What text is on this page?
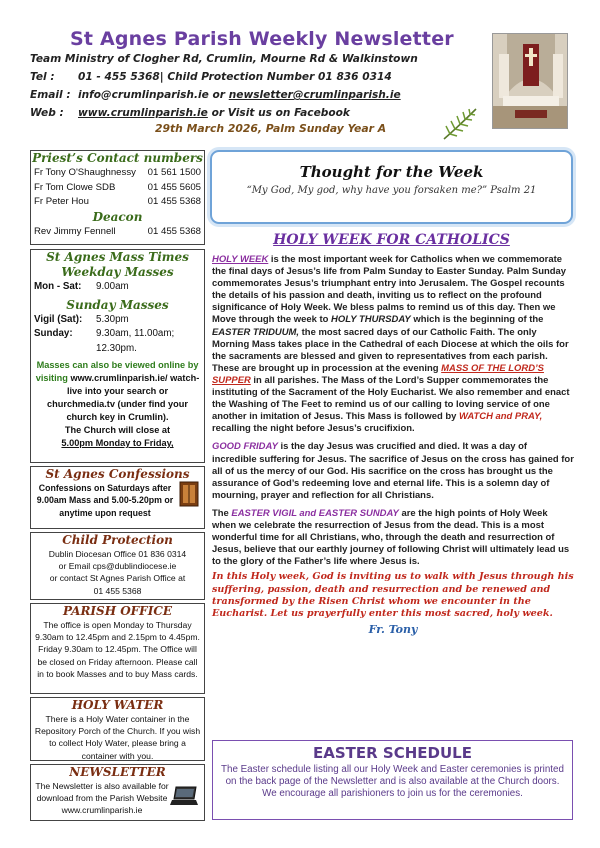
St Agnes Parish Weekly Newsletter
Team Ministry of Clogher Rd, Crumlin, Mourne Rd & Walkinstown
Tel : 01 - 455 5368| Child Protection Number 01 836 0314
Email : info@crumlinparish.ie or newsletter@crumlinparish.ie
Web : www.crumlinparish.ie or Visit us on Facebook
29th March 2026, Palm Sunday Year A
Priest’s Contact numbers
Fr Tony O'Shaughnessy 01 561 1500
Fr Tom Clowe SDB	01 455 5605
Fr Peter Hou	01 455 5368
Deacon
Rev Jimmy Fennell	01 455 5368
St Agnes Mass Times
Weekday Masses
Mon - Sat:	9.00am
Sunday Masses
Vigil (Sat):	5.30pm
Sunday:	9.30am, 11.00am; 12.30pm.
Masses can also be viewed online by visiting www.crumlinparish.ie/ watch-live into your search or churchmedia.tv (under find your church key in Crumlin).
The Church will close at
5.00pm Monday to Friday,
St Agnes Confessions
Confessions on Saturdays after 9.00am Mass and 5.00-5.20pm or anytime upon request
Child Protection
Dublin Diocesan Office 01 836 0314
or Email cps@dublindiocese.ie
or contact St Agnes Parish Office at
01 455 5368
PARISH OFFICE
The office is open Monday to Thursday 9.30am to 12.45pm and 2.15pm to 4.45pm. Friday 9.30am to 12.45pm. The Office will be closed on Friday afternoon. Please call in to book Masses and to buy Mass cards.
HOLY WATER
There is a Holy Water container in the Repository Porch of the Church. If you wish to collect Holy Water, please bring a container with you.
NEWSLETTER
The Newsletter is also available for download from the Parish Website www.crumlinparish.ie
Thought for the Week

“My God, My god, why have you forsaken me?” Psalm 21

HOLY WEEK FOR CATHOLICS

HOLY WEEK is the most important week for Catholics when we commemorate the final days of Jesus’s life from Palm Sunday to Easter Sunday. Palm Sunday commemorates Jesus’s triumphant entry into Jerusalem. The Gospel recounts the details of his passion and death, inviting us to reflect on the profound significance of Holy Week. We bless palms to remind us of this day. Then we Move through the week to HOLY THURSDAY which is the beginning of the EASTER TRIDUUM, the most sacred days of our Catholic Faith. The only Morning Mass takes place in the Cathedral of each Diocese at which the oils for the sacraments are blessed and given to representatives from each parish. These are brought up in procession at the evening MASS OF THE LORD’S SUPPER in all parishes. The Mass of the Lord’s Supper commemorates the instituting of the Sacrament of the Holy Eucharist. We also remember and enact the Washing of The Feet to remind us of our calling to loving service of one another in imitation of Jesus. This Mass is followed by WATCH and PRAY, recalling the night before Jesus’s crucifixion.

GOOD FRIDAY is the day Jesus was crucified and died. It was a day of incredible suffering for Jesus. The sacrifice of Jesus on the cross has gained for all of us the mercy of our God. His sacrifice on the cross has brought us the assurance of God’s redeeming love and eternal life. This is a solemn day of mourning, prayer and reflection for all Christians.

The EASTER VIGIL and EASTER SUNDAY are the high points of Holy Week when we celebrate the resurrection of Jesus from the dead. This is a most wonderful time for all Christians, who, through the death and resurrection of Jesus, believe that our earthly journey of following Christ will ultimately lead us to the glory of the Father’s life where Jesus is.

In this Holy week, God is inviting us to walk with Jesus through his suffering, passion, death and resurrection and be renewed and transformed by the Risen Christ whom we encounter in the Eucharist. Let us prayerfully enter this most sacred, holy week.
Fr. Tony
EASTER SCHEDULE

The Easter schedule listing all our Holy Week and Easter ceremonies is printed on the back page of the Newsletter and is also available at the Church doors. We encourage all parishioners to join us for the ceremonies.
